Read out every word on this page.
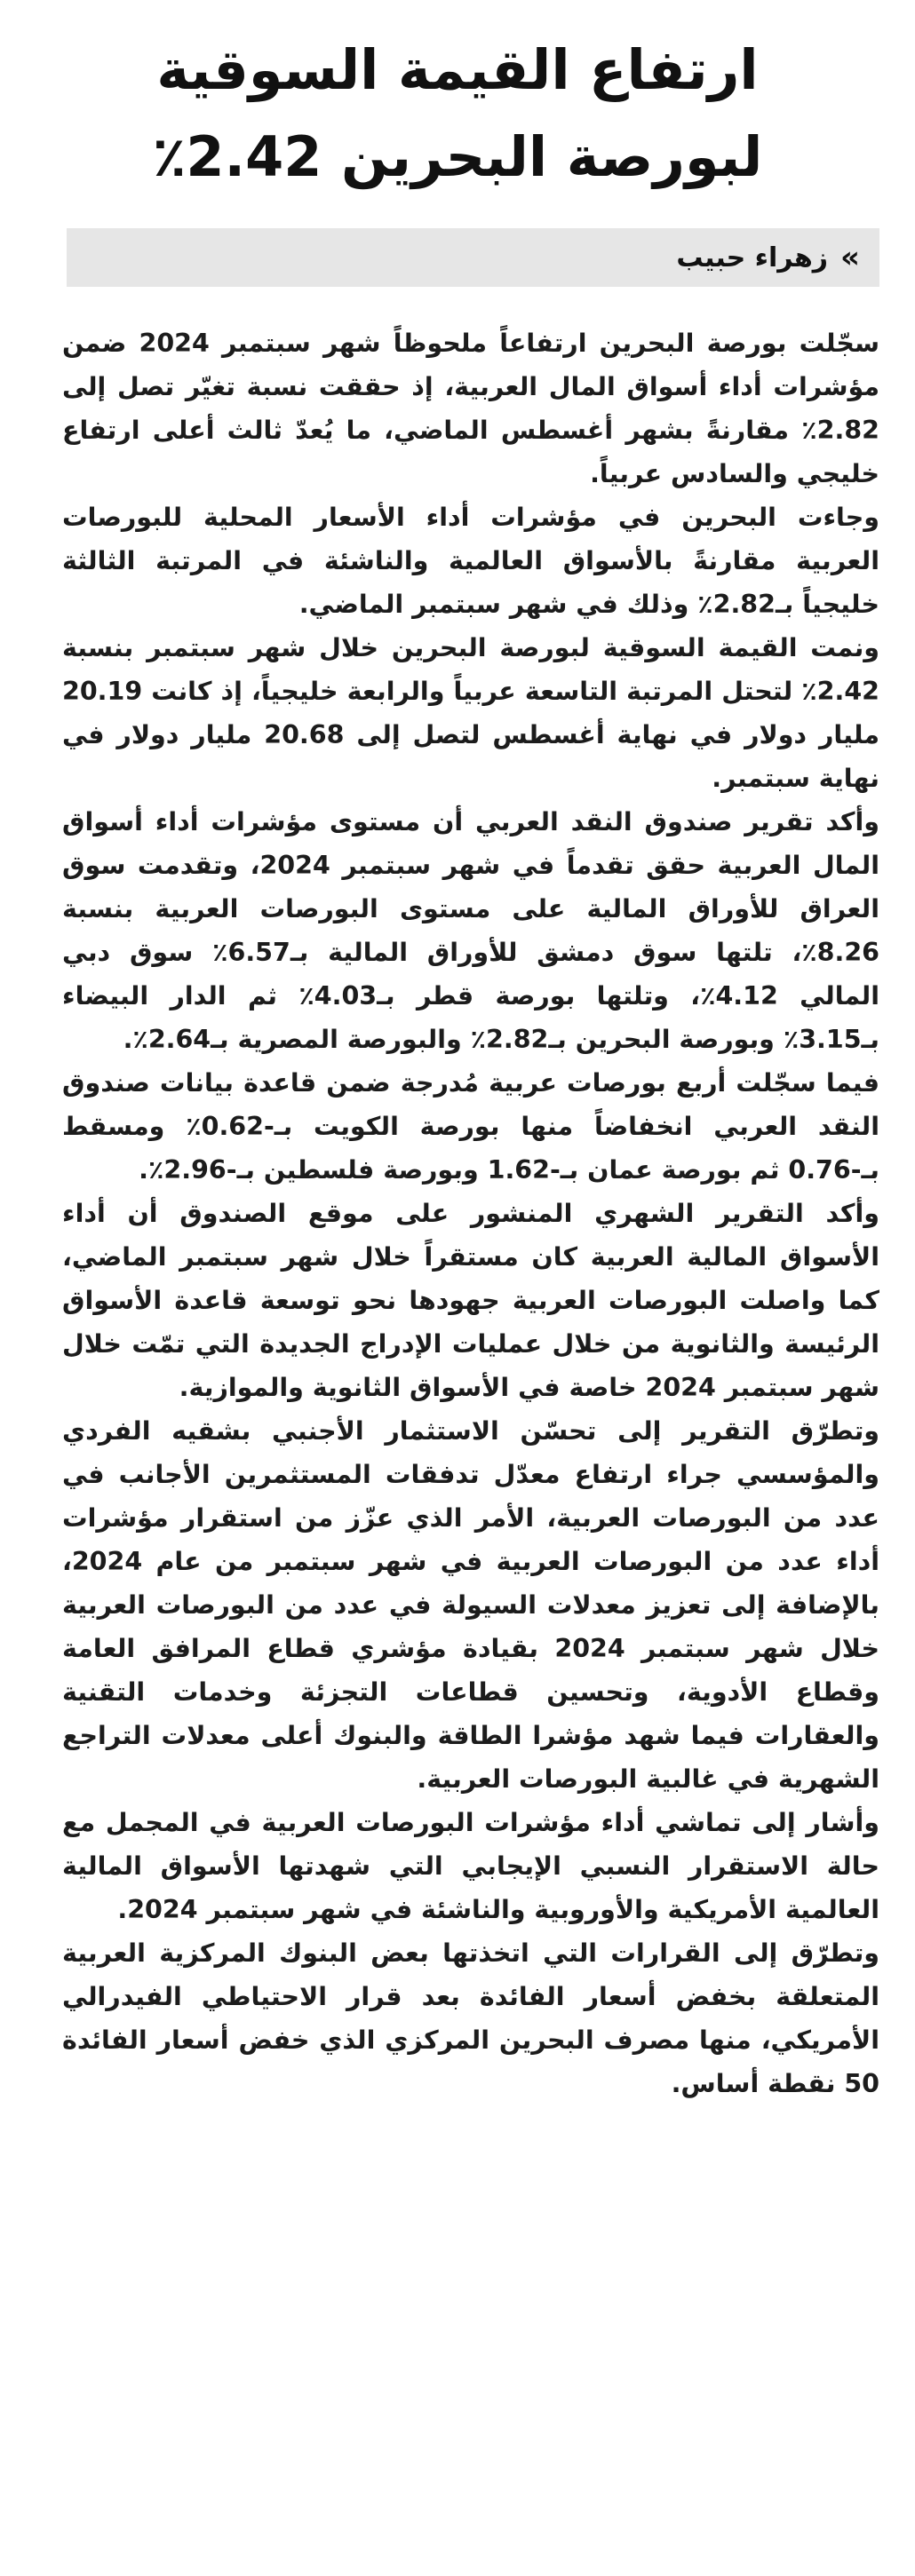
ارتفاع القيمة السوقية
لبورصة البحرين 2.42٪
»
زهراء حبيب

سجّلت بورصة البحرين ارتفاعاً ملحوظاً شهر سبتمبر 2024 ضمن مؤشرات أداء أسواق المال العربية، إذ حققت نسبة تغيّر تصل إلى 2.82٪ مقارنةً بشهر أغسطس الماضي، ما يُعدّ ثالث أعلى ارتفاع خليجي والسادس عربياً.

وجاءت البحرين في مؤشرات أداء الأسعار المحلية للبورصات العربية مقارنةً بالأسواق العالمية والناشئة في المرتبة الثالثة خليجياً بـ2.82٪ وذلك في شهر سبتمبر الماضي.

ونمت القيمة السوقية لبورصة البحرين خلال شهر سبتمبر بنسبة 2.42٪ لتحتل المرتبة التاسعة عربياً والرابعة خليجياً، إذ كانت 20.19 مليار دولار في نهاية أغسطس لتصل إلى 20.68 مليار دولار في نهاية سبتمبر.

وأكد تقرير صندوق النقد العربي أن مستوى مؤشرات أداء أسواق المال العربية حقق تقدماً في شهر سبتمبر 2024، وتقدمت سوق العراق للأوراق المالية على مستوى البورصات العربية بنسبة 8.26٪، تلتها سوق دمشق للأوراق المالية بـ6.57٪ سوق دبي المالي 4.12٪، وتلتها بورصة قطر بـ4.03٪ ثم الدار البيضاء بـ3.15٪ وبورصة البحرين بـ2.82٪ والبورصة المصرية بـ2.64٪.

فيما سجّلت أربع بورصات عربية مُدرجة ضمن قاعدة بيانات صندوق النقد العربي انخفاضاً منها بورصة الكويت بـ-0.62٪ ومسقط بـ-0.76 ثم بورصة عمان بـ-1.62 وبورصة فلسطين بـ-2.96٪.

وأكد التقرير الشهري المنشور على موقع الصندوق أن أداء الأسواق المالية العربية كان مستقراً خلال شهر سبتمبر الماضي، كما واصلت البورصات العربية جهودها نحو توسعة قاعدة الأسواق الرئيسة والثانوية من خلال عمليات الإدراج الجديدة التي تمّت خلال شهر سبتمبر 2024 خاصة في الأسواق الثانوية والموازية.

وتطرّق التقرير إلى تحسّن الاستثمار الأجنبي بشقيه الفردي والمؤسسي جراء ارتفاع معدّل تدفقات المستثمرين الأجانب في عدد من البورصات العربية، الأمر الذي عزّز من استقرار مؤشرات أداء عدد من البورصات العربية في شهر سبتمبر من عام 2024، بالإضافة إلى تعزيز معدلات السيولة في عدد من البورصات العربية خلال شهر سبتمبر 2024 بقيادة مؤشري قطاع المرافق العامة وقطاع الأدوية، وتحسين قطاعات التجزئة وخدمات التقنية والعقارات فيما شهد مؤشرا الطاقة والبنوك أعلى معدلات التراجع الشهرية في غالبية البورصات العربية.

وأشار إلى تماشي أداء مؤشرات البورصات العربية في المجمل مع حالة الاستقرار النسبي الإيجابي التي شهدتها الأسواق المالية العالمية الأمريكية والأوروبية والناشئة في شهر سبتمبر 2024.

وتطرّق إلى القرارات التي اتخذتها بعض البنوك المركزية العربية المتعلقة بخفض أسعار الفائدة بعد قرار الاحتياطي الفيدرالي الأمريكي، منها مصرف البحرين المركزي الذي خفض أسعار الفائدة 50 نقطة أساس.
